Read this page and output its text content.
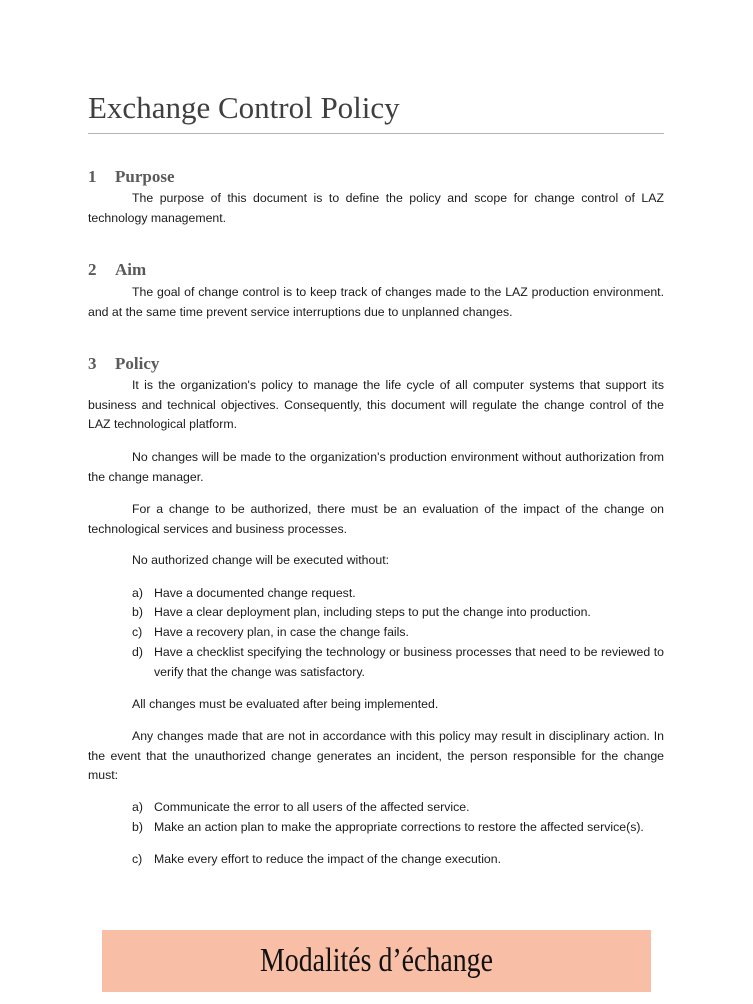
Exchange Control Policy
1 Purpose

The purpose of this document is to define the policy and scope for change control of LAZ technology management.

2 Aim

The goal of change control is to keep track of changes made to the LAZ production environment. and at the same time prevent service interruptions due to unplanned changes.

3 Policy

It is the organization's policy to manage the life cycle of all computer systems that support its business and technical objectives. Consequently, this document will regulate the change control of the LAZ technological platform.

No changes will be made to the organization's production environment without authorization from the change manager.

For a change to be authorized, there must be an evaluation of the impact of the change on technological services and business processes.

No authorized change will be executed without:

a) Have a documented change request.

b) Have a clear deployment plan, including steps to put the change into production.

c) Have a recovery plan, in case the change fails.

d) Have a checklist specifying the technology or business processes that need to be reviewed to verify that the change was satisfactory.

All changes must be evaluated after being implemented.

Any changes made that are not in accordance with this policy may result in disciplinary action. In the event that the unauthorized change generates an incident, the person responsible for the change must:

a) Communicate the error to all users of the affected service.

b) Make an action plan to make the appropriate corrections to restore the affected service(s).

c) Make every effort to reduce the impact of the change execution.

Modalités d’échange
